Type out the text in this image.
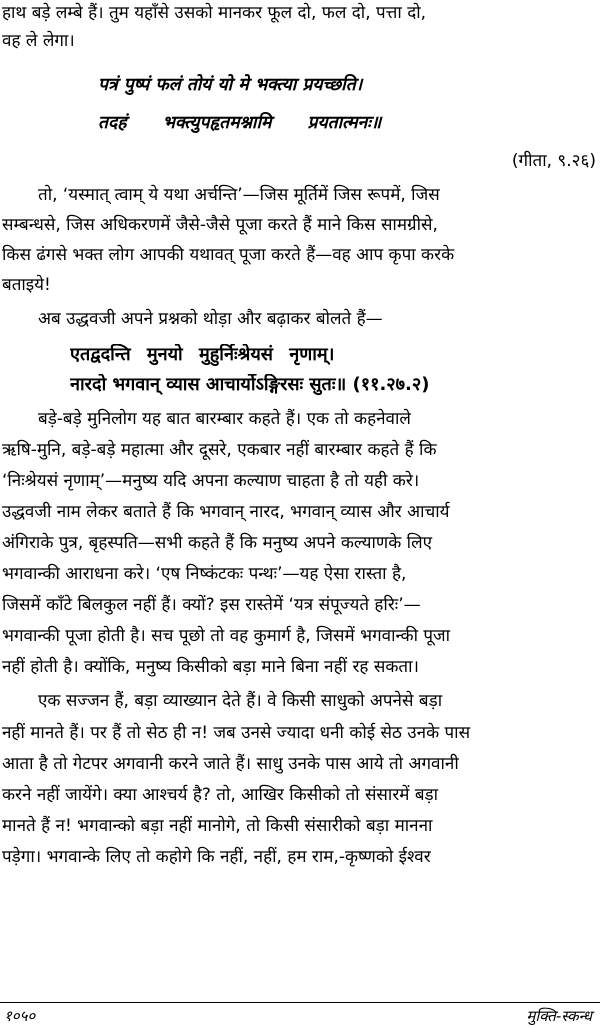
हाथ बड़े लम्बे हैं। तुम यहाँसे उसको मानकर फूल दो, फल दो, पत्ता दो,
वह ले लेगा।
पत्रं पुष्पं फलं तोयं यो मे भक्त्या प्रयच्छति।
तदहं भक्त्युपहृतमश्नामि प्रयतात्मनः॥
(गीता, ९.२६)
तो, ‘यस्मात् त्वाम् ये यथा अर्चन्ति’—जिस मूर्तिमें जिस रूपमें, जिस
सम्बन्धसे, जिस अधिकरणमें जैसे-जैसे पूजा करते हैं माने किस सामग्रीसे,
किस ढंगसे भक्त लोग आपकी यथावत् पूजा करते हैं—वह आप कृपा करके
बताइये!
अब उद्धवजी अपने प्रश्नको थोड़ा और बढ़ाकर बोलते हैं—
एतद्वदन्ति मुनयो मुहुर्निःश्रेयसं नृणाम्।
नारदो भगवान् व्यास आचार्योऽङ्गिरसः सुतः॥ (११.२७.२)
बड़े-बड़े मुनिलोग यह बात बारम्बार कहते हैं। एक तो कहनेवाले
ऋषि-मुनि, बड़े-बड़े महात्मा और दूसरे, एकबार नहीं बारम्बार कहते हैं कि
‘निःश्रेयसं नृणाम्’—मनुष्य यदि अपना कल्याण चाहता है तो यही करे।
उद्धवजी नाम लेकर बताते हैं कि भगवान् नारद, भगवान् व्यास और आचार्य
अंगिराके पुत्र, बृहस्पति—सभी कहते हैं कि मनुष्य अपने कल्याणके लिए
भगवान्की आराधना करे। ‘एष निष्कंटकः पन्थः’—यह ऐसा रास्ता है,
जिसमें काँटे बिलकुल नहीं हैं। क्यों? इस रास्तेमें ‘यत्र संपूज्यते हरिः’—
भगवान्की पूजा होती है। सच पूछो तो वह कुमार्ग है, जिसमें भगवान्की पूजा
नहीं होती है। क्योंकि, मनुष्य किसीको बड़ा माने बिना नहीं रह सकता।
एक सज्जन हैं, बड़ा व्याख्यान देते हैं। वे किसी साधुको अपनेसे बड़ा
नहीं मानते हैं। पर हैं तो सेठ ही न! जब उनसे ज्यादा धनी कोई सेठ उनके पास
आता है तो गेटपर अगवानी करने जाते हैं। साधु उनके पास आये तो अगवानी
करने नहीं जायेंगे। क्या आश्चर्य है? तो, आखिर किसीको तो संसारमें बड़ा
मानते हैं न! भगवान्को बड़ा नहीं मानोगे, तो किसी संसारीको बड़ा मानना
पड़ेगा। भगवान्के लिए तो कहोगे कि नहीं, नहीं, हम राम,-कृष्णको ईश्वर
१०५०	मुक्ति-स्कन्ध
